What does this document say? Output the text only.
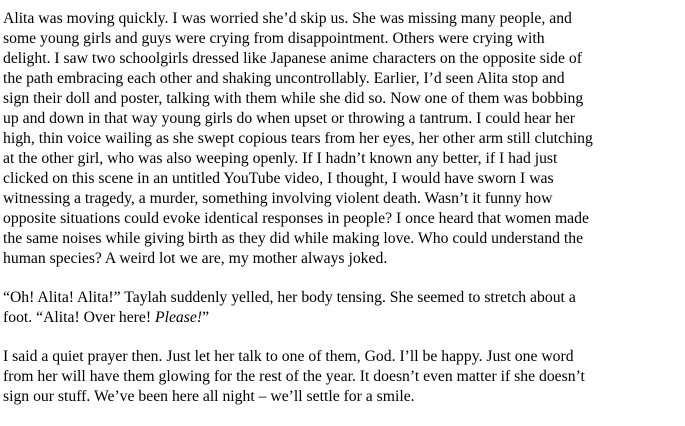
Alita was moving quickly. I was worried she’d skip us. She was missing many people, and
some young girls and guys were crying from disappointment. Others were crying with
delight. I saw two schoolgirls dressed like Japanese anime characters on the opposite side of
the path embracing each other and shaking uncontrollably. Earlier, I’d seen Alita stop and
sign their doll and poster, talking with them while she did so. Now one of them was bobbing
up and down in that way young girls do when upset or throwing a tantrum. I could hear her
high, thin voice wailing as she swept copious tears from her eyes, her other arm still clutching
at the other girl, who was also weeping openly. If I hadn’t known any better, if I had just
clicked on this scene in an untitled YouTube video, I thought, I would have sworn I was
witnessing a tragedy, a murder, something involving violent death. Wasn’t it funny how
opposite situations could evoke identical responses in people? I once heard that women made
the same noises while giving birth as they did while making love. Who could understand the
human species? A weird lot we are, my mother always joked.

“Oh! Alita! Alita!” Taylah suddenly yelled, her body tensing. She seemed to stretch about a
foot. “Alita! Over here! Please!”

I said a quiet prayer then. Just let her talk to one of them, God. I’ll be happy. Just one word
from her will have them glowing for the rest of the year. It doesn’t even matter if she doesn’t
sign our stuff. We’ve been here all night – we’ll settle for a smile.
